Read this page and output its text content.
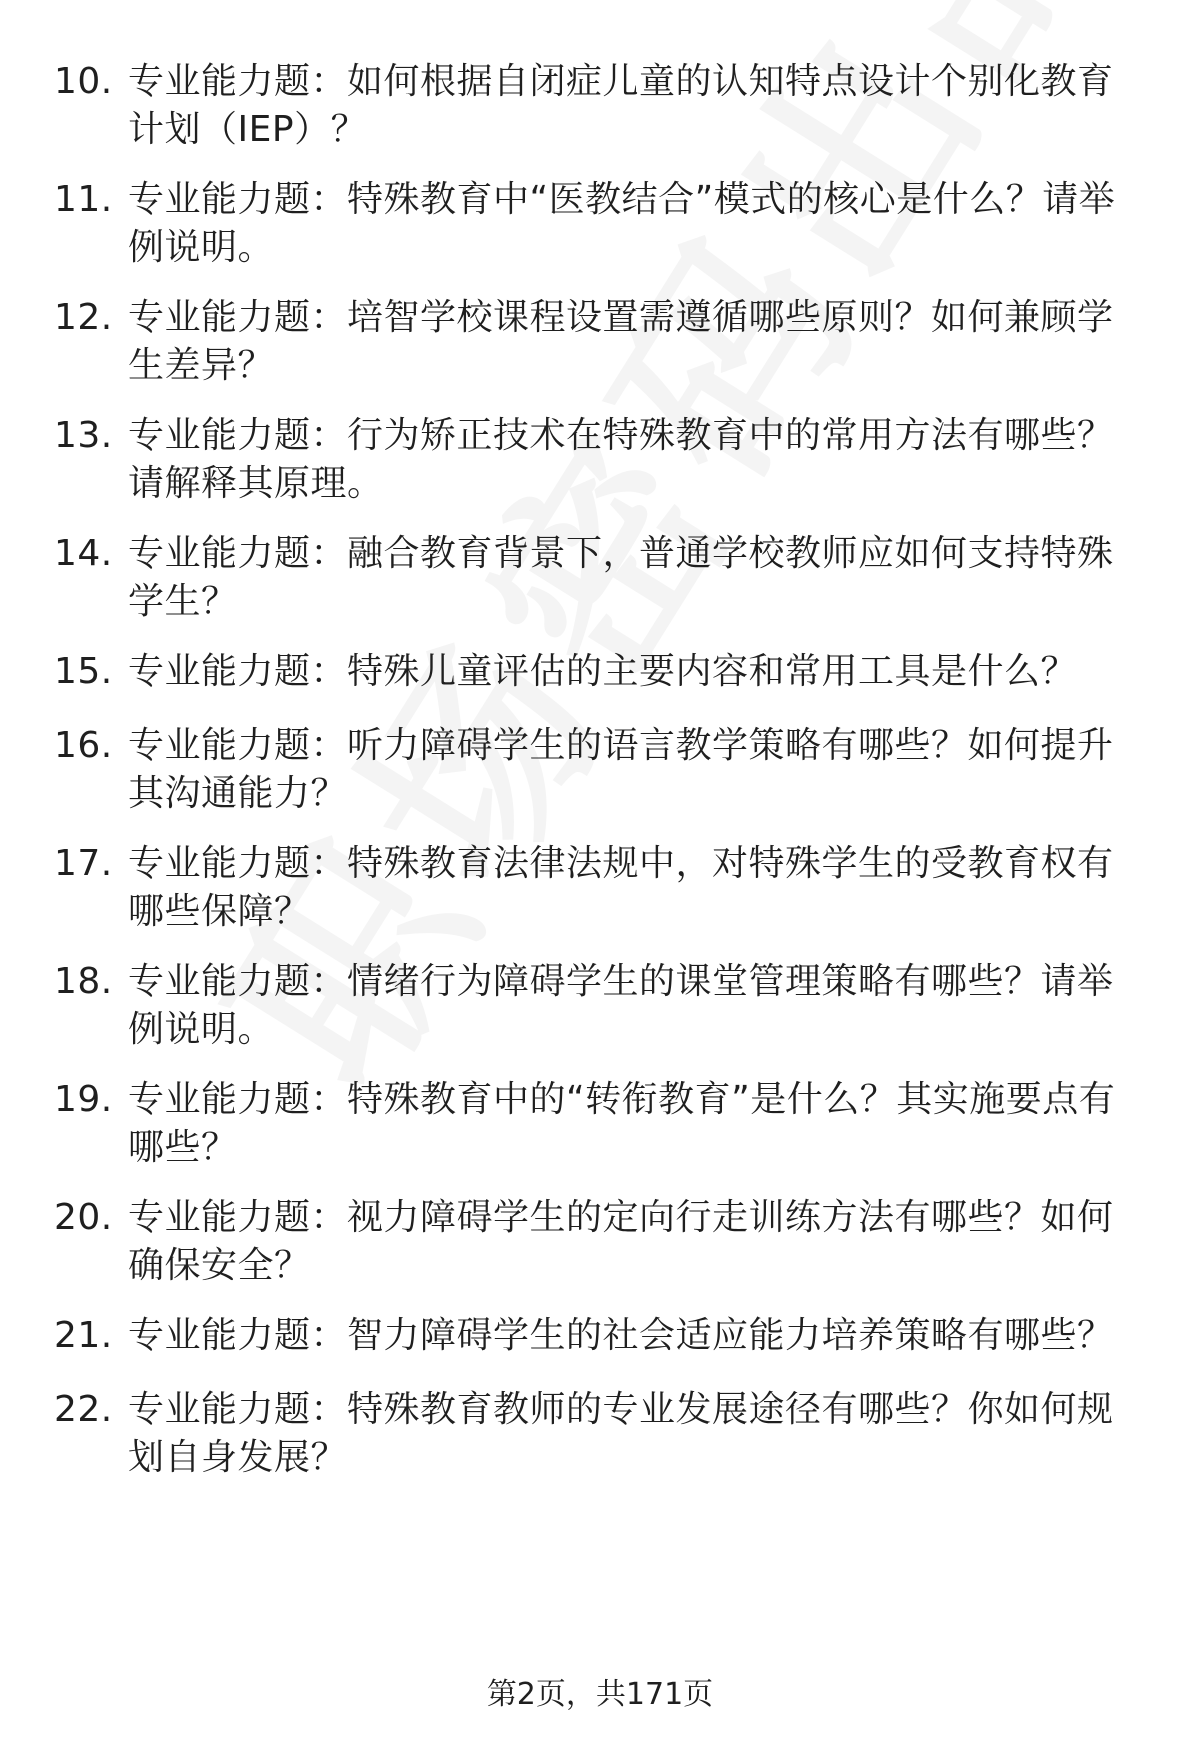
10. 专业能力题：如何根据自闭症儿童的认知特点设计个别化教育计划（IEP）？
11. 专业能力题：特殊教育中“医教结合”模式的核心是什么？请举例说明。
12. 专业能力题：培智学校课程设置需遵循哪些原则？如何兼顾学生差异？
13. 专业能力题：行为矫正技术在特殊教育中的常用方法有哪些？请解释其原理。
14. 专业能力题：融合教育背景下，普通学校教师应如何支持特殊学生？
15. 专业能力题：特殊儿童评估的主要内容和常用工具是什么？
16. 专业能力题：听力障碍学生的语言教学策略有哪些？如何提升其沟通能力？
17. 专业能力题：特殊教育法律法规中，对特殊学生的受教育权有哪些保障？
18. 专业能力题：情绪行为障碍学生的课堂管理策略有哪些？请举例说明。
19. 专业能力题：特殊教育中的“转衔教育”是什么？其实施要点有哪些？
20. 专业能力题：视力障碍学生的定向行走训练方法有哪些？如何确保安全？
21. 专业能力题：智力障碍学生的社会适应能力培养策略有哪些？
22. 专业能力题：特殊教育教师的专业发展途径有哪些？你如何规划自身发展？
第2页，共171页
